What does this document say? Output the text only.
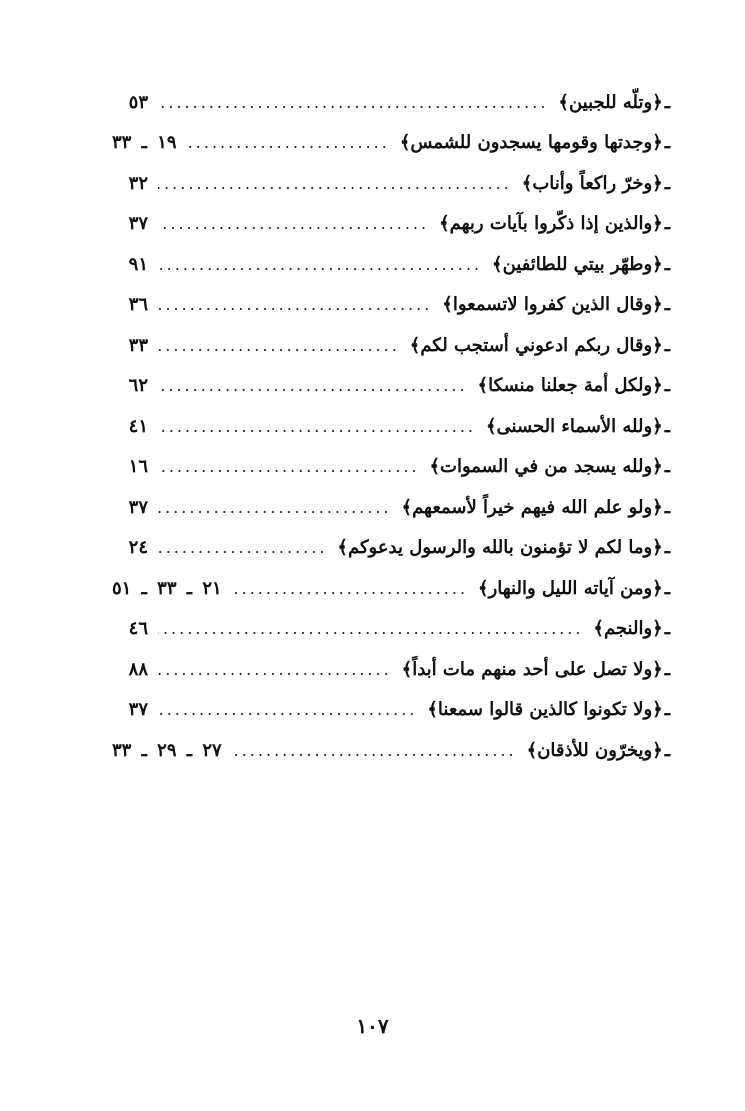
ـ
﴿وتلّه للجبين﴾
.....
٥٣
ـ
﴿وجدتها وقومها يسجدون للشمس﴾
.....
١٩ ـ ٣٣
ـ
﴿وخرّ راكعاً وأناب﴾
.....
٣٢
ـ
﴿والذين إذا ذكّروا بآيات ربهم﴾
.....
٣٧
ـ
﴿وطهّر بيتي للطائفين﴾
.....
٩١
ـ
﴿وقال الذين كفروا لاتسمعوا﴾
.....
٣٦
ـ
﴿وقال ربكم ادعوني أستجب لكم﴾
.....
٣٣
ـ
﴿ولكل أمة جعلنا منسكا﴾
.....
٦٢
ـ
﴿ولله الأسماء الحسنى﴾
.....
٤١
ـ
﴿ولله يسجد من في السموات﴾
.....
١٦
ـ
﴿ولو علم الله فيهم خيراً لأسمعهم﴾
.....
٣٧
ـ
﴿وما لكم لا تؤمنون بالله والرسول يدعوكم﴾
.....
٢٤
ـ
﴿ومن آياته الليل والنهار﴾
.....
٢١ ـ ٣٣ ـ ٥١
ـ
﴿والنجم﴾
.....
٤٦
ـ
﴿ولا تصل على أحد منهم مات أبداً﴾
.....
٨٨
ـ
﴿ولا تكونوا كالذين قالوا سمعنا﴾
.....
٣٧
ـ
﴿ويخرّون للأذقان﴾
.....
٢٧ ـ ٢٩ ـ ٣٣
١٠٧
